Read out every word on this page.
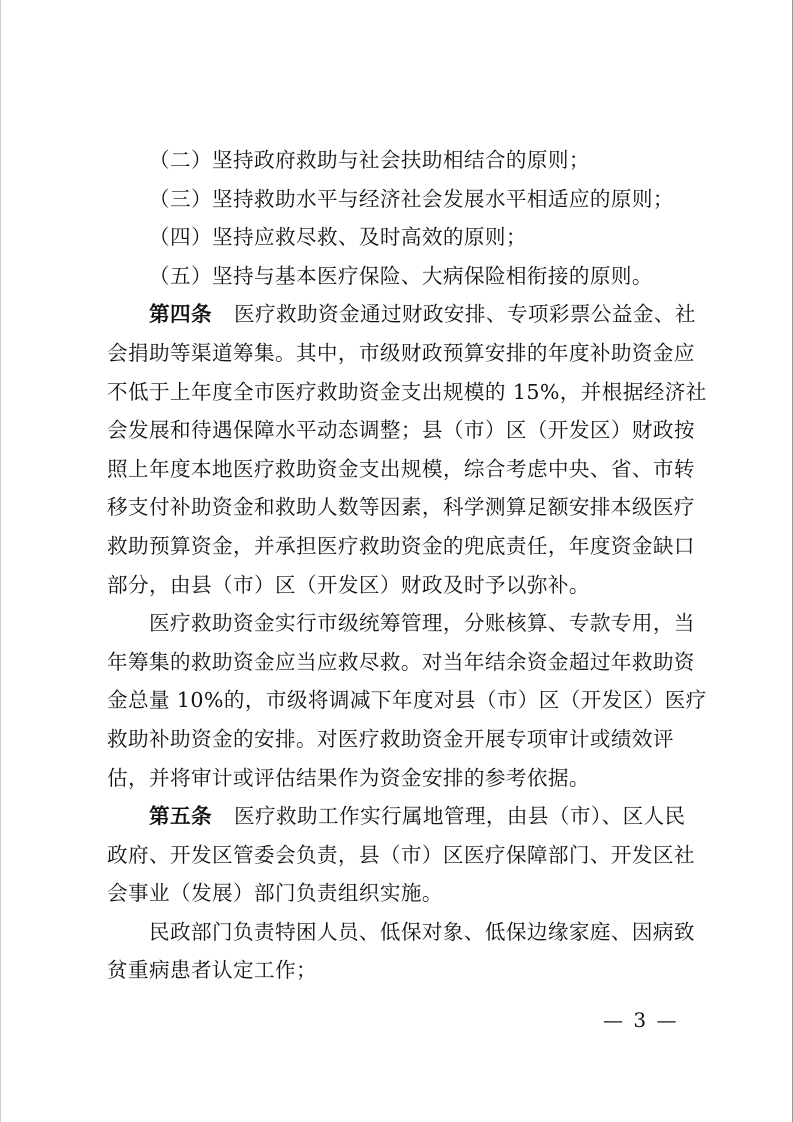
（二）坚持政府救助与社会扶助相结合的原则；
（三）坚持救助水平与经济社会发展水平相适应的原则；
（四）坚持应救尽救、及时高效的原则；
（五）坚持与基本医疗保险、大病保险相衔接的原则。
第四条 医疗救助资金通过财政安排、专项彩票公益金、社
会捐助等渠道筹集。其中，市级财政预算安排的年度补助资金应
不低于上年度全市医疗救助资金支出规模的 15%，并根据经济社
会发展和待遇保障水平动态调整；县（市）区（开发区）财政按
照上年度本地医疗救助资金支出规模，综合考虑中央、省、市转
移支付补助资金和救助人数等因素，科学测算足额安排本级医疗
救助预算资金，并承担医疗救助资金的兜底责任，年度资金缺口
部分，由县（市）区（开发区）财政及时予以弥补。
医疗救助资金实行市级统筹管理，分账核算、专款专用，当
年筹集的救助资金应当应救尽救。对当年结余资金超过年救助资
金总量 10%的，市级将调减下年度对县（市）区（开发区）医疗
救助补助资金的安排。对医疗救助资金开展专项审计或绩效评
估，并将审计或评估结果作为资金安排的参考依据。
第五条 医疗救助工作实行属地管理，由县（市）、区人民
政府、开发区管委会负责，县（市）区医疗保障部门、开发区社
会事业（发展）部门负责组织实施。
民政部门负责特困人员、低保对象、低保边缘家庭、因病致
贫重病患者认定工作；
— 3 —
